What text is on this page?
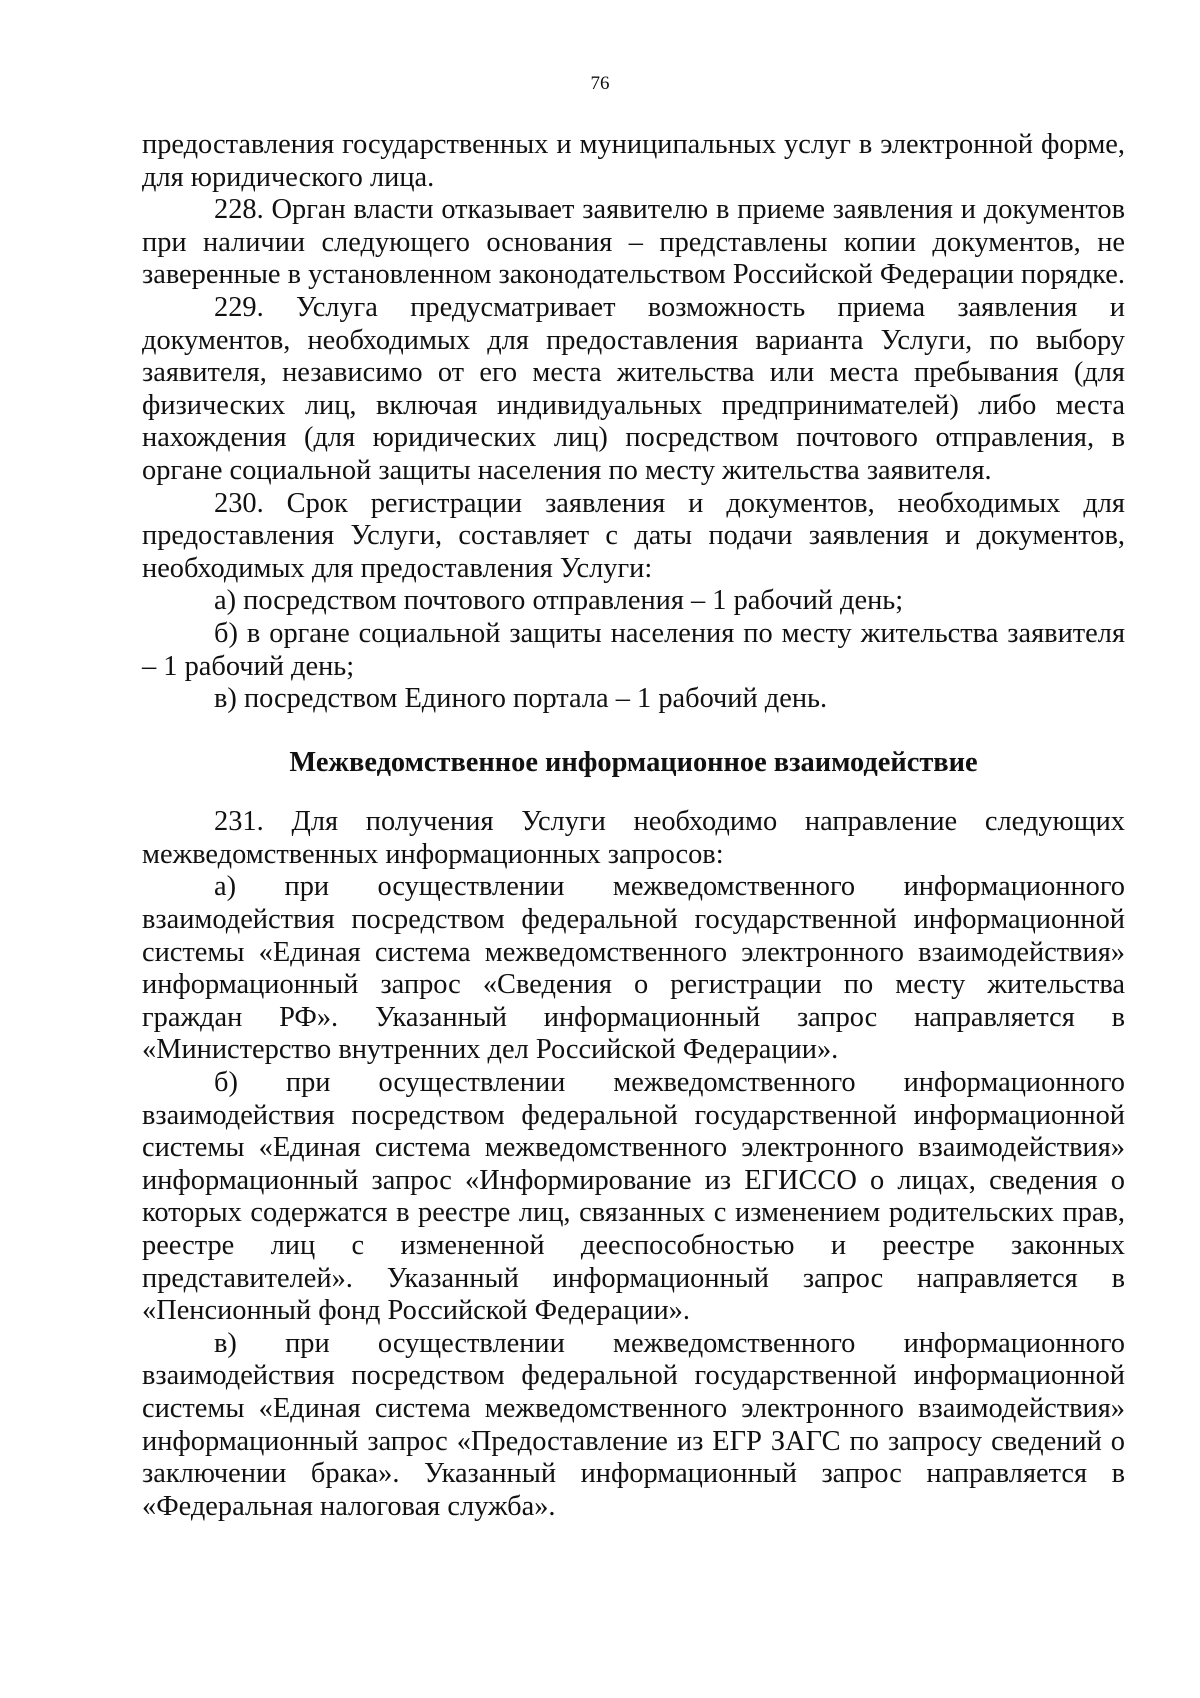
76

предоставления государственных и муниципальных услуг в электронной форме, для юридического лица.

228. Орган власти отказывает заявителю в приеме заявления и документов при наличии следующего основания – представлены копии документов, не заверенные в установленном законодательством Российской Федерации порядке.

229. Услуга предусматривает возможность приема заявления и документов, необходимых для предоставления варианта Услуги, по выбору заявителя, независимо от его места жительства или места пребывания (для физических лиц, включая индивидуальных предпринимателей) либо места нахождения (для юридических лиц) посредством почтового отправления, в органе социальной защиты населения по месту жительства заявителя.

230. Срок регистрации заявления и документов, необходимых для предоставления Услуги, составляет с даты подачи заявления и документов, необходимых для предоставления Услуги:

а) посредством почтового отправления – 1 рабочий день;

б) в органе социальной защиты населения по месту жительства заявителя – 1 рабочий день;

в) посредством Единого портала – 1 рабочий день.

Межведомственное информационное взаимодействие

231. Для получения Услуги необходимо направление следующих межведомственных информационных запросов:

а) при осуществлении межведомственного информационного взаимодействия посредством федеральной государственной информационной системы «Единая система межведомственного электронного взаимодействия» информационный запрос «Сведения о регистрации по месту жительства граждан РФ». Указанный информационный запрос направляется в «Министерство внутренних дел Российской Федерации».

б) при осуществлении межведомственного информационного взаимодействия посредством федеральной государственной информационной системы «Единая система межведомственного электронного взаимодействия» информационный запрос «Информирование из ЕГИССО о лицах, сведения о которых содержатся в реестре лиц, связанных с изменением родительских прав, реестре лиц с измененной дееспособностью и реестре законных представителей». Указанный информационный запрос направляется в «Пенсионный фонд Российской Федерации».

в) при осуществлении межведомственного информационного взаимодействия посредством федеральной государственной информационной системы «Единая система межведомственного электронного взаимодействия» информационный запрос «Предоставление из ЕГР ЗАГС по запросу сведений о заключении брака». Указанный информационный запрос направляется в «Федеральная налоговая служба».
